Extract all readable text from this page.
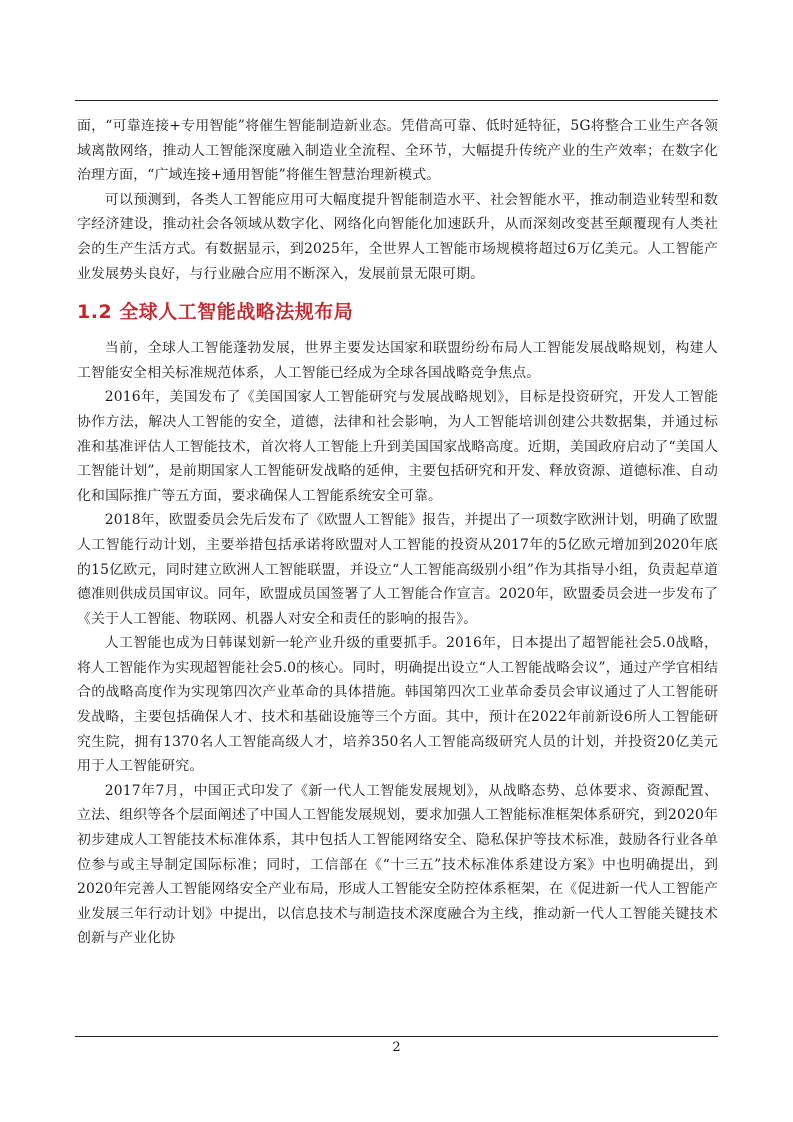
面，“可靠连接+专用智能”将催生智能制造新业态。凭借高可靠、低时延特征，5G将整合工业生产各领域离散网络，推动人工智能深度融入制造业全流程、全环节，大幅提升传统产业的生产效率；在数字化治理方面，“广域连接+通用智能”将催生智慧治理新模式。

可以预测到，各类人工智能应用可大幅度提升智能制造水平、社会智能水平，推动制造业转型和数字经济建设，推动社会各领域从数字化、网络化向智能化加速跃升，从而深刻改变甚至颠覆现有人类社会的生产生活方式。有数据显示，到2025年，全世界人工智能市场规模将超过6万亿美元。人工智能产业发展势头良好，与行业融合应用不断深入，发展前景无限可期。

1.2 全球人工智能战略法规布局

当前，全球人工智能蓬勃发展，世界主要发达国家和联盟纷纷布局人工智能发展战略规划，构建人工智能安全相关标准规范体系，人工智能已经成为全球各国战略竞争焦点。

2016年，美国发布了《美国国家人工智能研究与发展战略规划》，目标是投资研究，开发人工智能协作方法，解决人工智能的安全，道德，法律和社会影响，为人工智能培训创建公共数据集，并通过标准和基准评估人工智能技术，首次将人工智能上升到美国国家战略高度。近期，美国政府启动了“美国人工智能计划”，是前期国家人工智能研发战略的延伸，主要包括研究和开发、释放资源、道德标准、自动化和国际推广等五方面，要求确保人工智能系统安全可靠。

2018年，欧盟委员会先后发布了《欧盟人工智能》报告，并提出了一项数字欧洲计划，明确了欧盟人工智能行动计划，主要举措包括承诺将欧盟对人工智能的投资从2017年的5亿欧元增加到2020年底的15亿欧元，同时建立欧洲人工智能联盟，并设立“人工智能高级别小组”作为其指导小组，负责起草道德准则供成员国审议。同年，欧盟成员国签署了人工智能合作宣言。2020年，欧盟委员会进一步发布了《关于人工智能、物联网、机器人对安全和责任的影响的报告》。

人工智能也成为日韩谋划新一轮产业升级的重要抓手。2016年，日本提出了超智能社会5.0战略，将人工智能作为实现超智能社会5.0的核心。同时，明确提出设立“人工智能战略会议”，通过产学官相结合的战略高度作为实现第四次产业革命的具体措施。韩国第四次工业革命委员会审议通过了人工智能研发战略，主要包括确保人才、技术和基础设施等三个方面。其中，预计在2022年前新设6所人工智能研究生院，拥有1370名人工智能高级人才，培养350名人工智能高级研究人员的计划，并投资20亿美元用于人工智能研究。

2017年7月，中国正式印发了《新一代人工智能发展规划》，从战略态势、总体要求、资源配置、立法、组织等各个层面阐述了中国人工智能发展规划，要求加强人工智能标准框架体系研究，到2020年初步建成人工智能技术标准体系，其中包括人工智能网络安全、隐私保护等技术标准，鼓励各行业各单位参与或主导制定国际标准；同时，工信部在《“十三五”技术标准体系建设方案》中也明确提出，到2020年完善人工智能网络安全产业布局，形成人工智能安全防控体系框架，在《促进新一代人工智能产业发展三年行动计划》中提出，以信息技术与制造技术深度融合为主线，推动新一代人工智能关键技术创新与产业化协

2
